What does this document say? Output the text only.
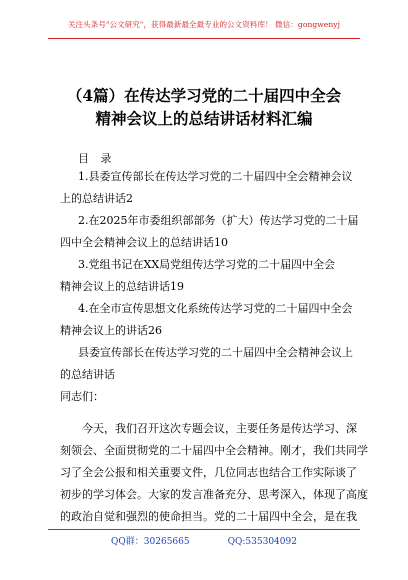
关注头条号"公文研究"，获得最新最全最专业的公文资料库！ 微信：gongwenyj
（4篇）在传达学习党的二十届四中全会
精神会议上的总结讲话材料汇编
目 录
1.县委宣传部长在传达学习党的二十届四中全会精神会议
上的总结讲话2
2.在2025年市委组织部部务（扩大）传达学习党的二十届
四中全会精神会议上的总结讲话10
3.党组书记在XX局党组传达学习党的二十届四中全会
精神会议上的总结讲话19
4.在全市宣传思想文化系统传达学习党的二十届四中全会
精神会议上的讲话26
县委宣传部长在传达学习党的二十届四中全会精神会议上
的总结讲话
同志们：
今天，我们召开这次专题会议，主要任务是传达学习、深
刻领会、全面贯彻党的二十届四中全会精神。刚才，我们共同学
习了全会公报和相关重要文件，几位同志也结合工作实际谈了
初步的学习体会。大家的发言准备充分、思考深入，体现了高度
的政治自觉和强烈的使命担当。党的二十届四中全会，是在我
QQ群：30265665	QQ:535304092
